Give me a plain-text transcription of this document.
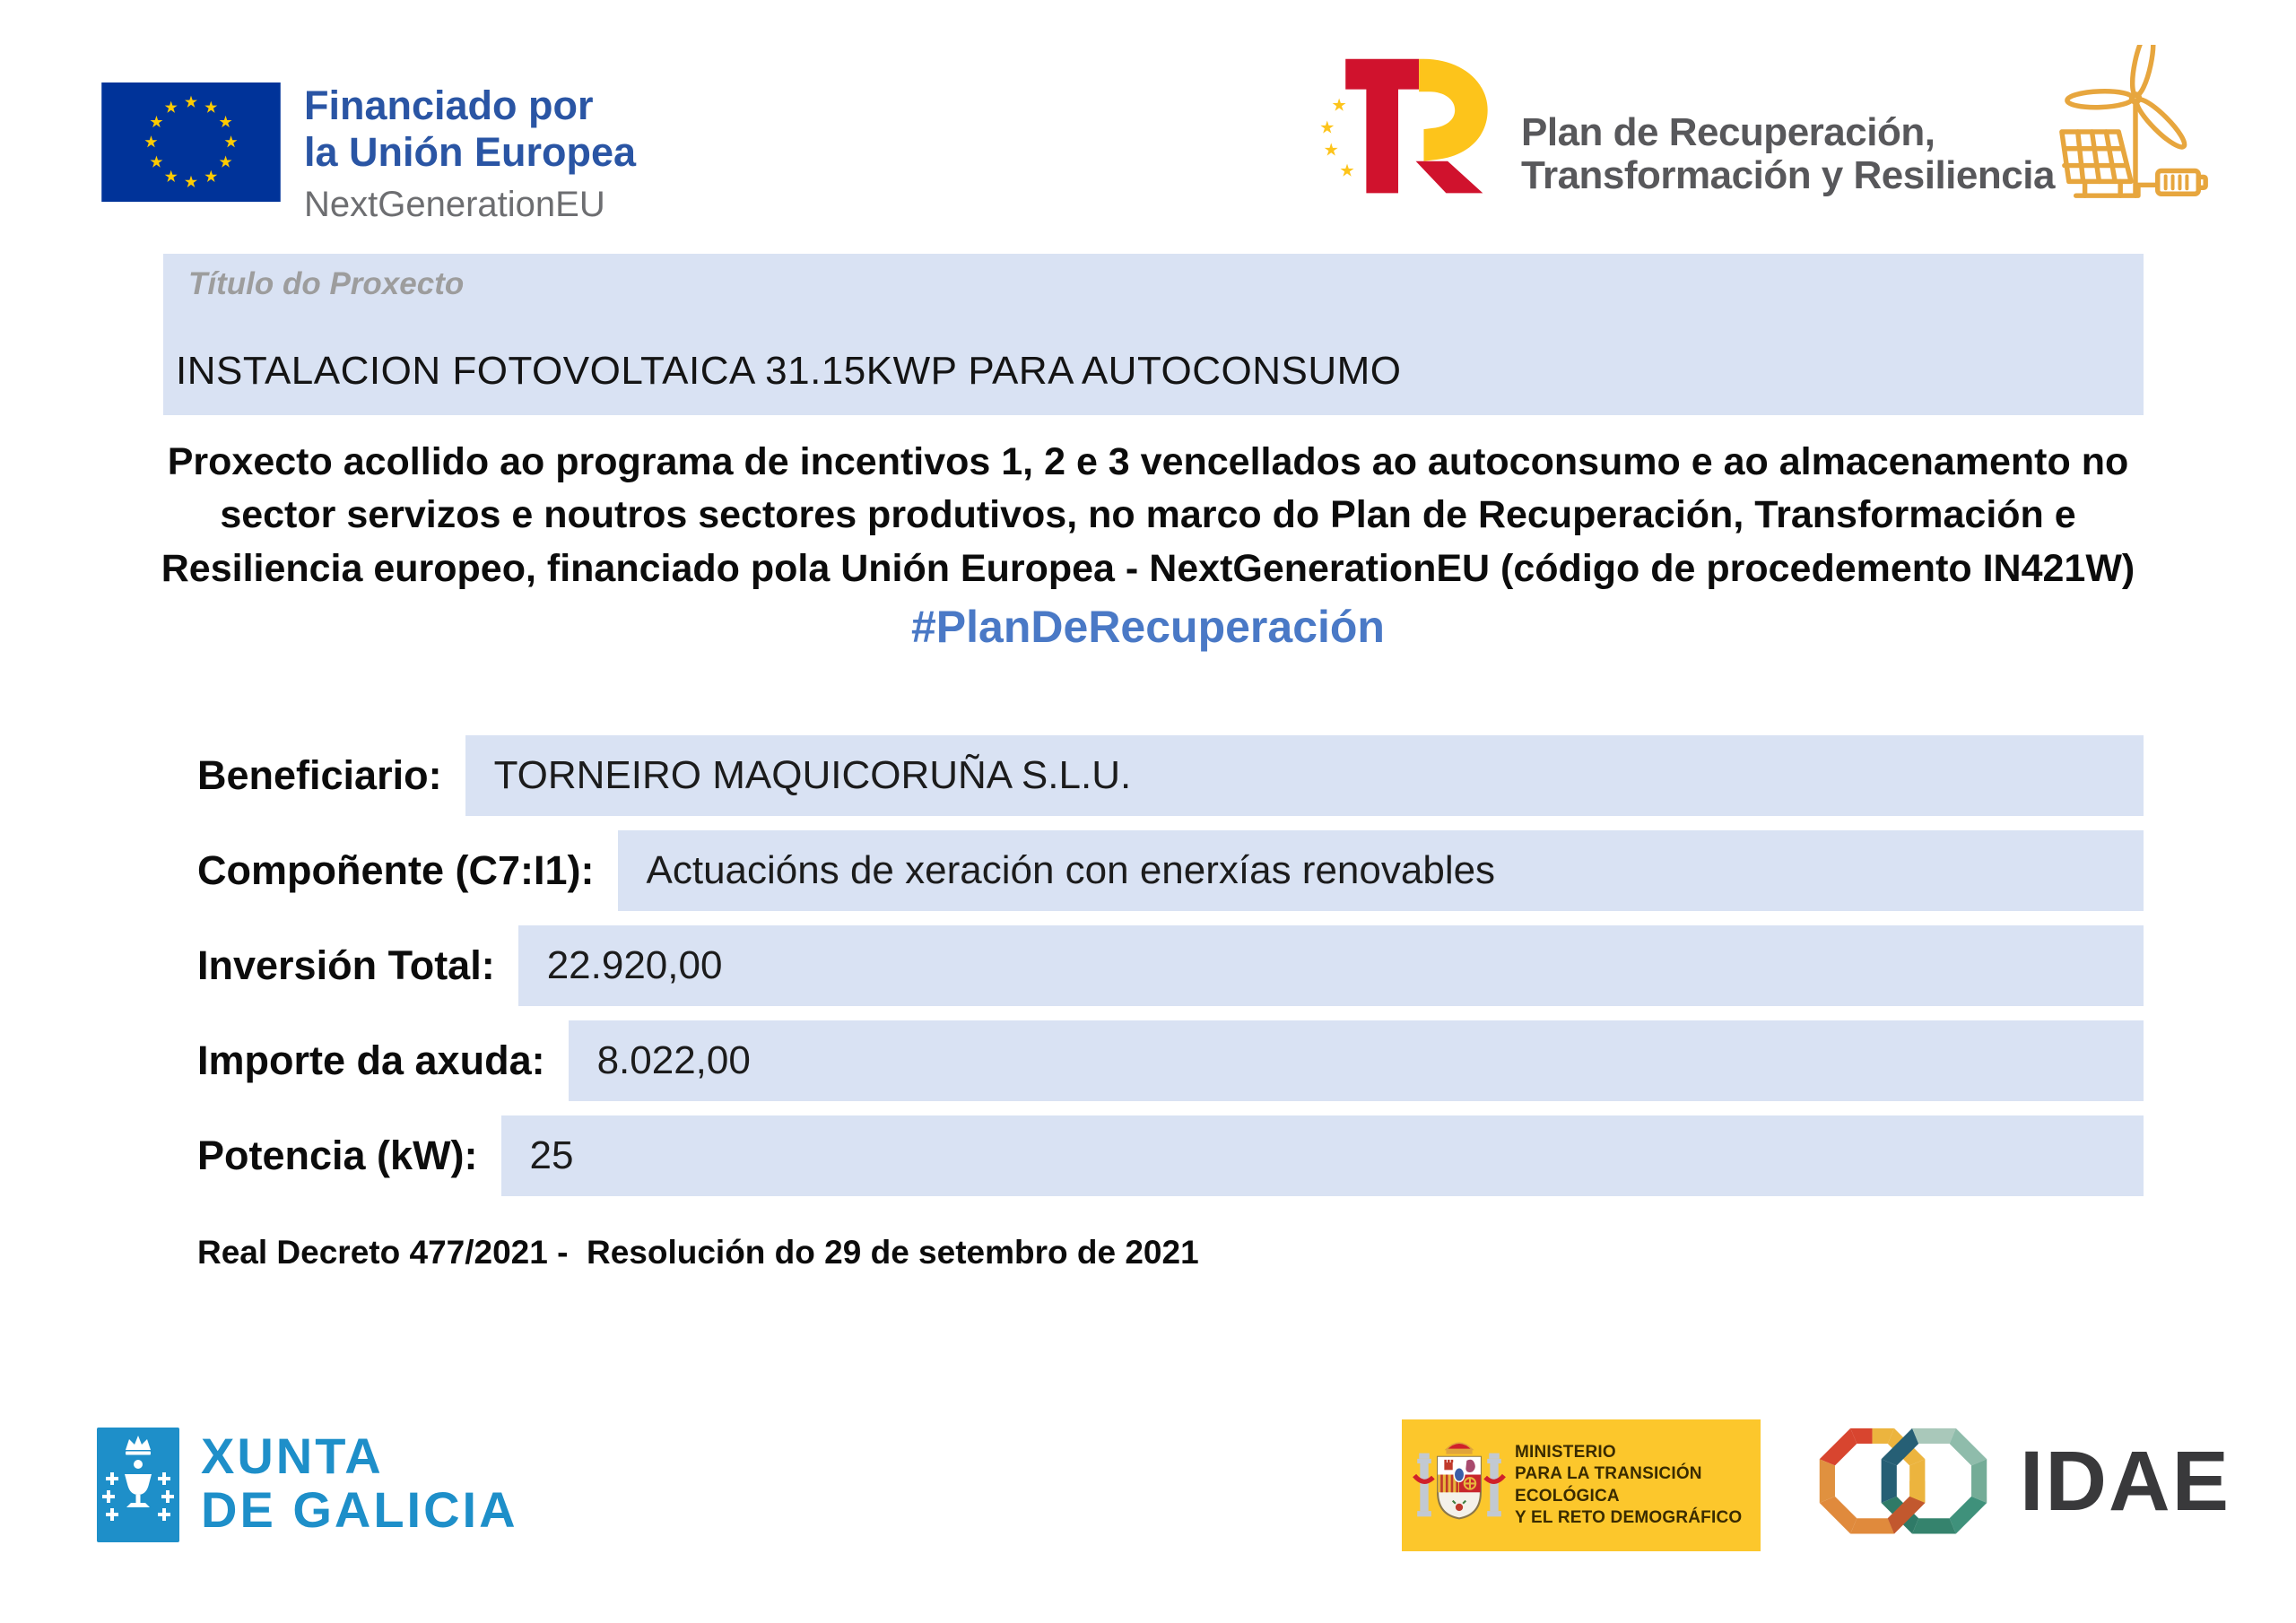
Financiado por
la Unión Europea
NextGenerationEU
Plan de Recuperación,
Transformación y Resiliencia
Título do Proxecto
INSTALACION FOTOVOLTAICA 31.15KWP PARA AUTOCONSUMO
Proxecto acollido ao programa de incentivos 1, 2 e 3 vencellados ao autoconsumo e ao almacenamento no sector servizos e noutros sectores produtivos, no marco do Plan de Recuperación, Transformación e Resiliencia europeo, financiado pola Unión Europea - NextGenerationEU (código de procedemento IN421W)
#PlanDeRecuperación
Beneficiario:	TORNEIRO MAQUICORUÑA S.L.U.
Compoñente (C7:I1):	Actuacións de xeración con enerxías renovables
Inversión Total:	22.920,00
Importe da axuda:	8.022,00
Potencia (kW):	25
Real Decreto 477/2021 -  Resolución do 29 de setembro de 2021
XUNTA
DE GALICIA
MINISTERIO
PARA LA TRANSICIÓN ECOLÓGICA
Y EL RETO DEMOGRÁFICO	IDAE
